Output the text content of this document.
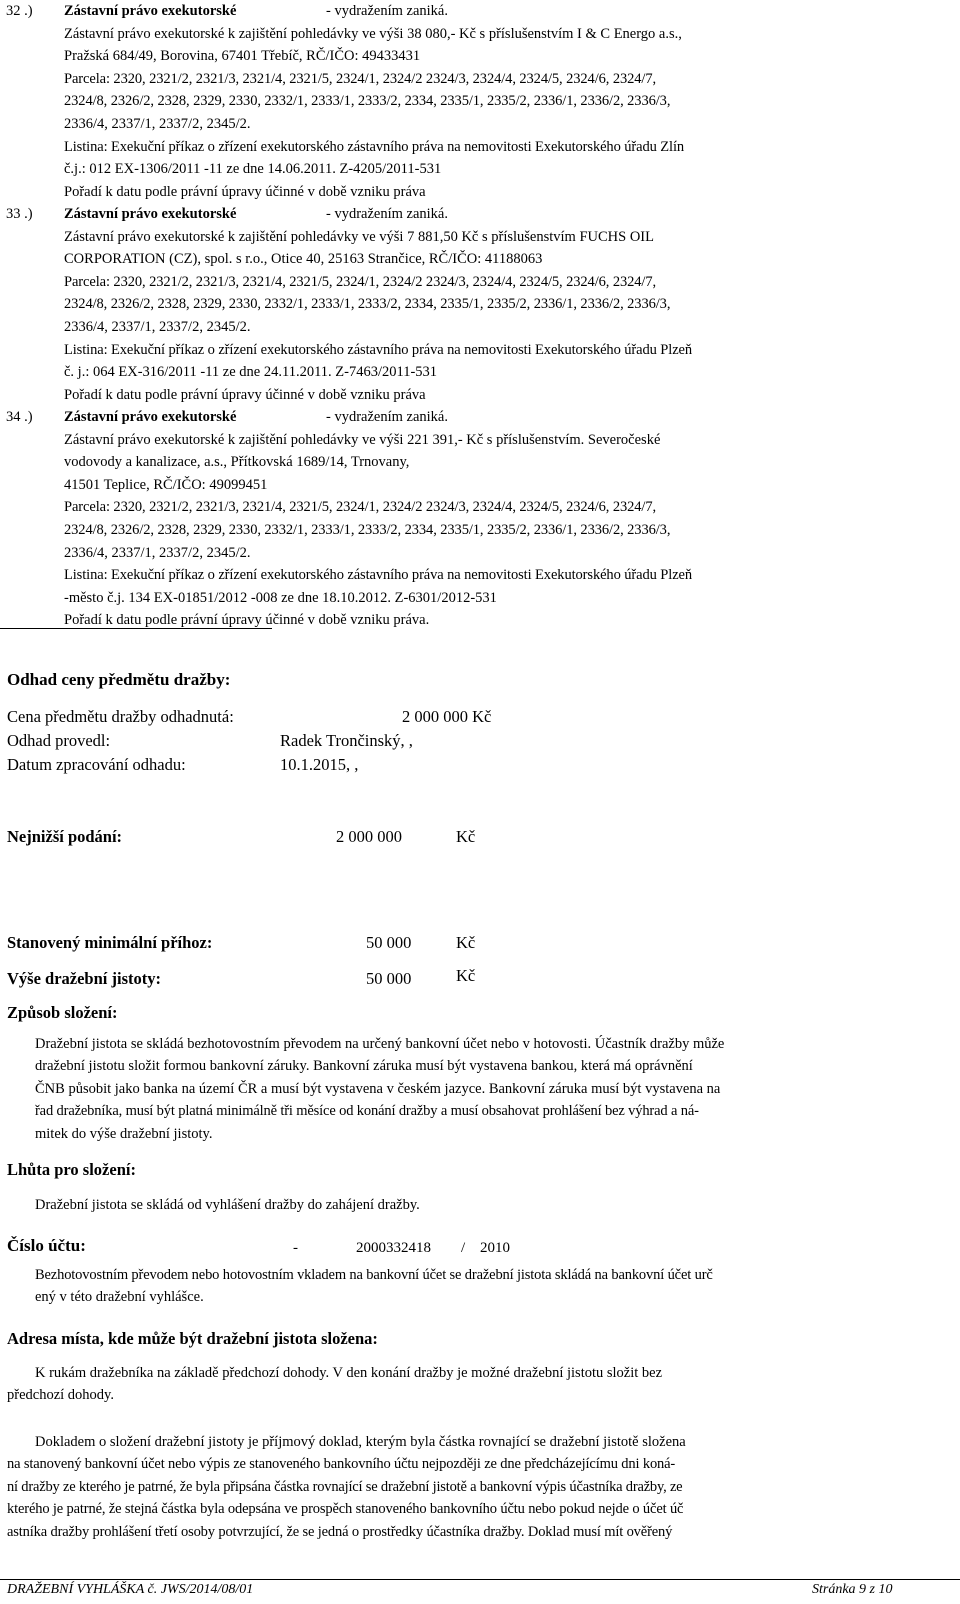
32 .) Zástavní právo exekutorské	- vydražením zaniká.
Zástavní právo exekutorské k zajištění pohledávky ve výši 38 080,- Kč s příslušenstvím I & C Energo a.s.,
Pražská 684/49, Borovina, 67401 Třebíč, RČ/IČO: 49433431
Parcela: 2320, 2321/2, 2321/3, 2321/4, 2321/5, 2324/1, 2324/2 2324/3, 2324/4, 2324/5, 2324/6, 2324/7,
2324/8, 2326/2, 2328, 2329, 2330, 2332/1, 2333/1, 2333/2, 2334, 2335/1, 2335/2, 2336/1, 2336/2, 2336/3,
2336/4, 2337/1, 2337/2, 2345/2.
Listina: Exekuční příkaz o zřízení exekutorského zástavního práva na nemovitosti Exekutorského úřadu Zlín
č.j.: 012 EX-1306/2011 -11 ze dne 14.06.2011. Z-4205/2011-531
Pořadí k datu podle právní úpravy účinné v době vzniku práva
33 .) Zástavní právo exekutorské	- vydražením zaniká.
Zástavní právo exekutorské k zajištění pohledávky ve výši 7 881,50 Kč s příslušenstvím FUCHS OIL
CORPORATION (CZ), spol. s r.o., Otice 40, 25163 Strančice, RČ/IČO: 41188063
Parcela: 2320, 2321/2, 2321/3, 2321/4, 2321/5, 2324/1, 2324/2 2324/3, 2324/4, 2324/5, 2324/6, 2324/7,
2324/8, 2326/2, 2328, 2329, 2330, 2332/1, 2333/1, 2333/2, 2334, 2335/1, 2335/2, 2336/1, 2336/2, 2336/3,
2336/4, 2337/1, 2337/2, 2345/2.
Listina: Exekuční příkaz o zřízení exekutorského zástavního práva na nemovitosti Exekutorského úřadu Plzeň
č. j.: 064 EX-316/2011 -11 ze dne 24.11.2011. Z-7463/2011-531
Pořadí k datu podle právní úpravy účinné v době vzniku práva
34 .) Zástavní právo exekutorské	- vydražením zaniká.
Zástavní právo exekutorské k zajištění pohledávky ve výši 221 391,- Kč s příslušenstvím. Severočeské
vodovody a kanalizace, a.s., Přítkovská 1689/14, Trnovany,
41501 Teplice, RČ/IČO: 49099451
Parcela: 2320, 2321/2, 2321/3, 2321/4, 2321/5, 2324/1, 2324/2 2324/3, 2324/4, 2324/5, 2324/6, 2324/7,
2324/8, 2326/2, 2328, 2329, 2330, 2332/1, 2333/1, 2333/2, 2334, 2335/1, 2335/2, 2336/1, 2336/2, 2336/3,
2336/4, 2337/1, 2337/2, 2345/2.
Listina: Exekuční příkaz o zřízení exekutorského zástavního práva na nemovitosti Exekutorského úřadu Plzeň
-město č.j. 134 EX-01851/2012 -008 ze dne 18.10.2012. Z-6301/2012-531
Pořadí k datu podle právní úpravy účinné v době vzniku práva.
Odhad ceny předmětu dražby:
Cena předmětu dražby odhadnutá:	2 000 000 Kč
Odhad provedl:	Radek Trončinský, ,
Datum zpracování odhadu:	10.1.2015, ,
Nejnižší podání:	2 000 000	Kč
Stanovený minimální příhoz:	50 000	Kč
Výše dražební jistoty:	50 000	Kč
Způsob složení:

Dražební jistota se skládá bezhotovostním převodem na určený bankovní účet nebo v hotovosti. Účastník dražby může

dražební jistotu složit formou bankovní záruky. Bankovní záruka musí být vystavena bankou, která má oprávnění

ČNB působit jako banka na území ČR a musí být vystavena v českém jazyce. Bankovní záruka musí být vystavena na

řad dražebníka, musí být platná minimálně tři měsíce od konání dražby a musí obsahovat prohlášení bez výhrad a ná-

mitek do výše dražební jistoty.

Lhůta pro složení:

Dražební jistota se skládá od vyhlášení dražby do zahájení dražby.

Číslo účtu:	-	2000332418 / 2010

Bezhotovostním převodem nebo hotovostním vkladem na bankovní účet se dražební jistota skládá na bankovní účet urč

ený v této dražební vyhlášce.

Adresa místa, kde může být dražební jistota složena:

K rukám dražebníka na základě předchozí dohody. V den konání dražby je možné dražební jistotu složit bez

předchozí dohody.

Dokladem o složení dražební jistoty je příjmový doklad, kterým byla částka rovnající se dražební jistotě složena

na stanovený bankovní účet nebo výpis ze stanoveného bankovního účtu nejpozději ze dne předcházejícímu dni koná-

ní dražby ze kterého je patrné, že byla připsána částka rovnající se dražební jistotě a bankovní výpis účastníka dražby, ze

kterého je patrné, že stejná částka byla odepsána ve prospěch stanoveného bankovního účtu nebo pokud nejde o účet úč

astníka dražby prohlášení třetí osoby potvrzující, že se jedná o prostředky účastníka dražby. Doklad musí mít ověřený

DRAŽEBNÍ VYHLÁŠKA č. JWS/2014/08/01	Stránka 9 z 10
